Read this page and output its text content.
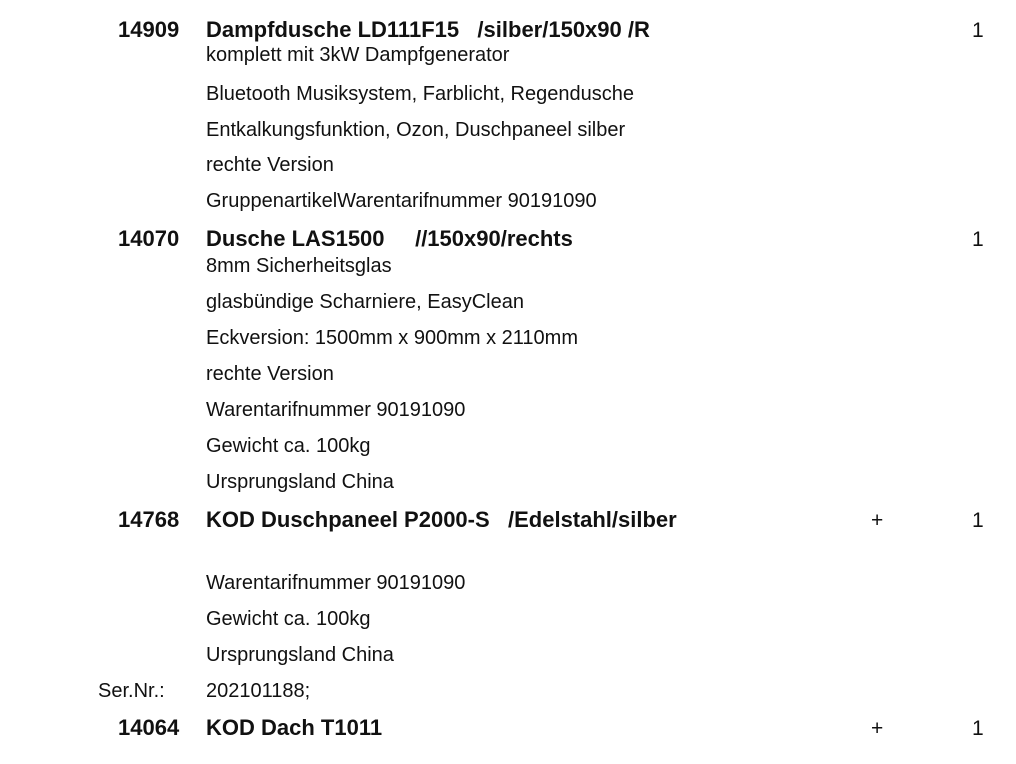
14909 Dampfdusche LD111F15   /silber/150x90 /R	1
komplett mit 3kW Dampfgenerator
Bluetooth Musiksystem, Farblicht, Regendusche
Entkalkungsfunktion, Ozon, Duschpaneel silber
rechte Version
GruppenartikelWarentarifnummer 90191090
14070 Dusche LAS1500     //150x90/rechts	1
8mm Sicherheitsglas
glasbündige Scharniere, EasyClean
Eckversion: 1500mm x 900mm x 2110mm
rechte Version
Warentarifnummer 90191090
Gewicht ca. 100kg
Ursprungsland China
14768 KOD Duschpaneel P2000-S   /Edelstahl/silber	+	1
Warentarifnummer 90191090
Gewicht ca. 100kg
Ursprungsland China
Ser.Nr.: 202101188;
14064 KOD Dach T1011	+	1
